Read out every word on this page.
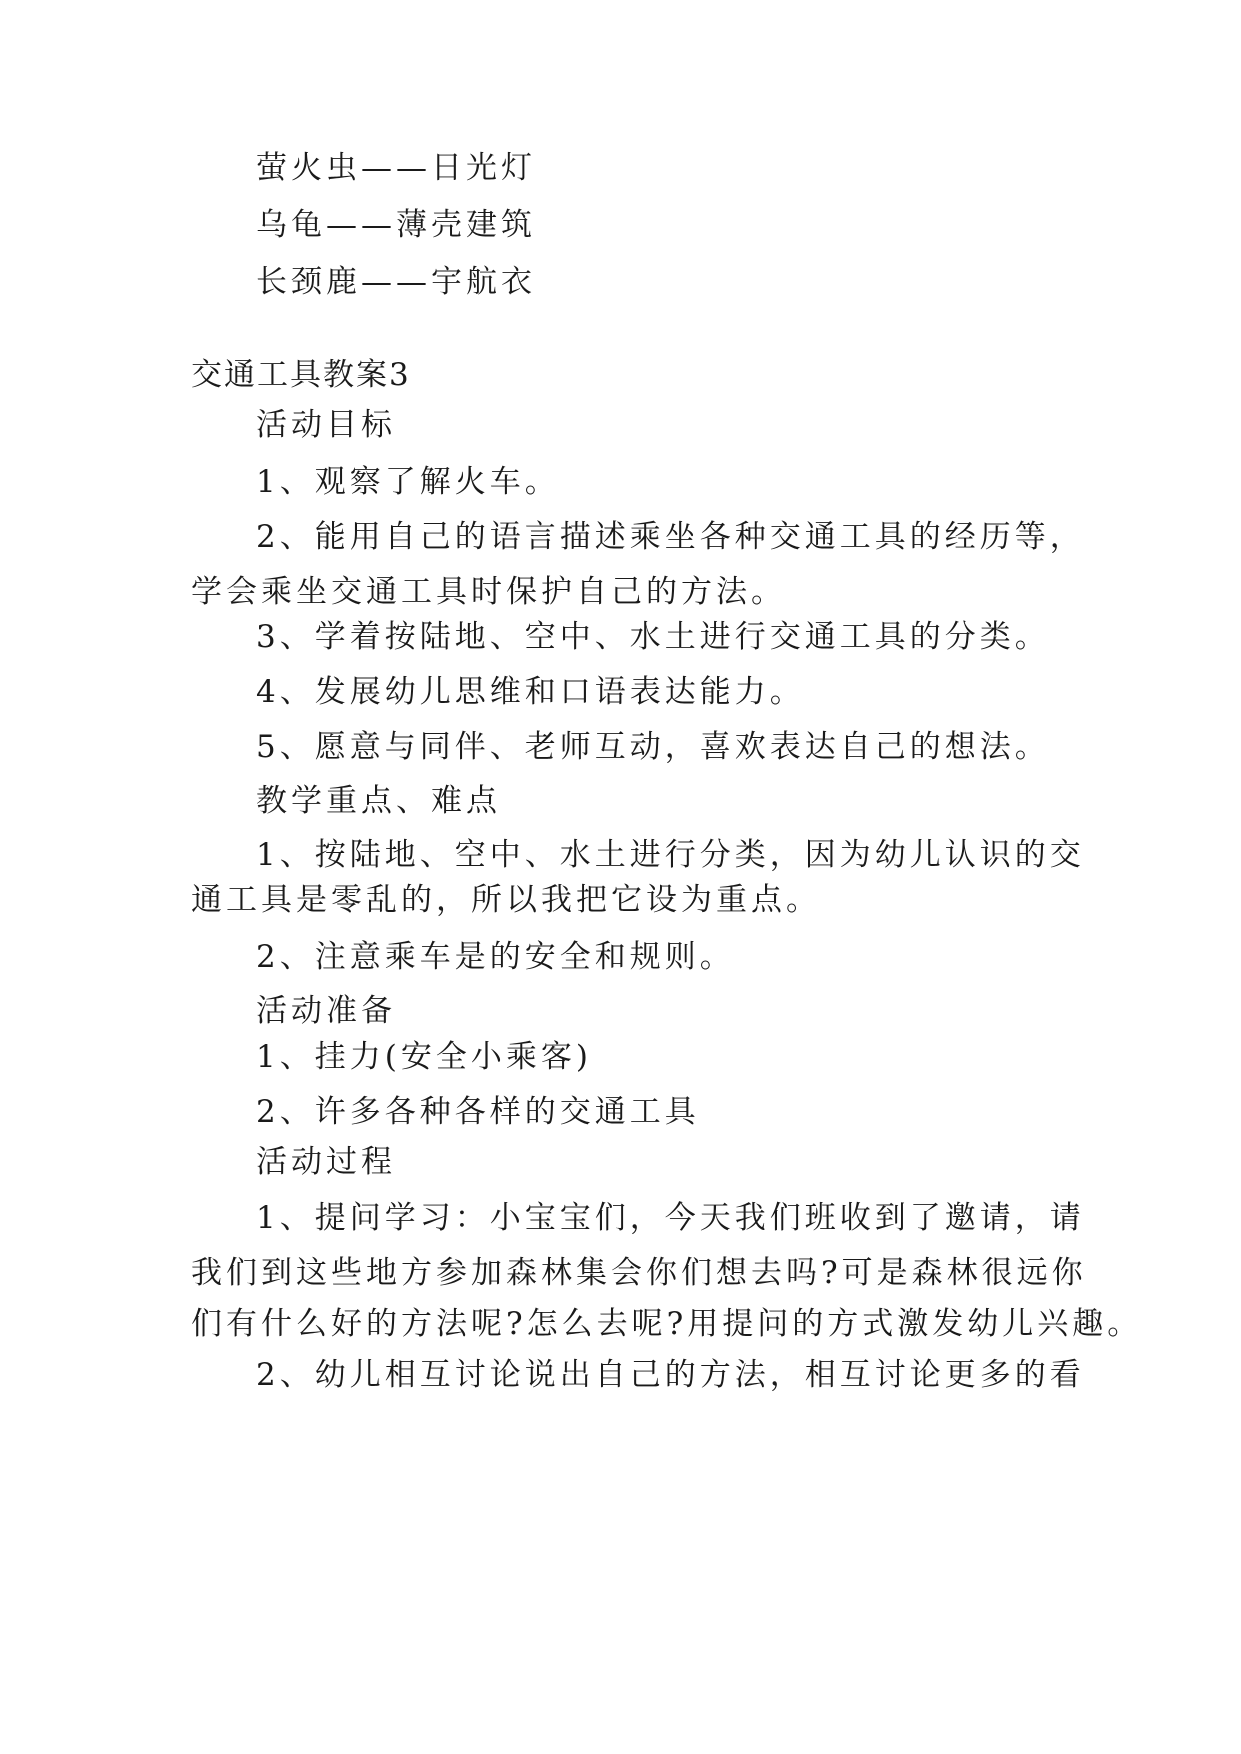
萤火虫——日光灯
乌龟——薄壳建筑
长颈鹿——宇航衣
交通工具教案3
活动目标
1、观察了解火车。
2、能用自己的语言描述乘坐各种交通工具的经历等，
学会乘坐交通工具时保护自己的方法。
3、学着按陆地、空中、水土进行交通工具的分类。
4、发展幼儿思维和口语表达能力。
5、愿意与同伴、老师互动，喜欢表达自己的想法。
教学重点、难点
1、按陆地、空中、水土进行分类，因为幼儿认识的交
通工具是零乱的，所以我把它设为重点。
2、注意乘车是的安全和规则。
活动准备
1、挂力(安全小乘客)
2、许多各种各样的交通工具
活动过程
1、提问学习：小宝宝们，今天我们班收到了邀请，请
我们到这些地方参加森林集会你们想去吗?可是森林很远你
们有什么好的方法呢?怎么去呢?用提问的方式激发幼儿兴趣。
2、幼儿相互讨论说出自己的方法，相互讨论更多的看
